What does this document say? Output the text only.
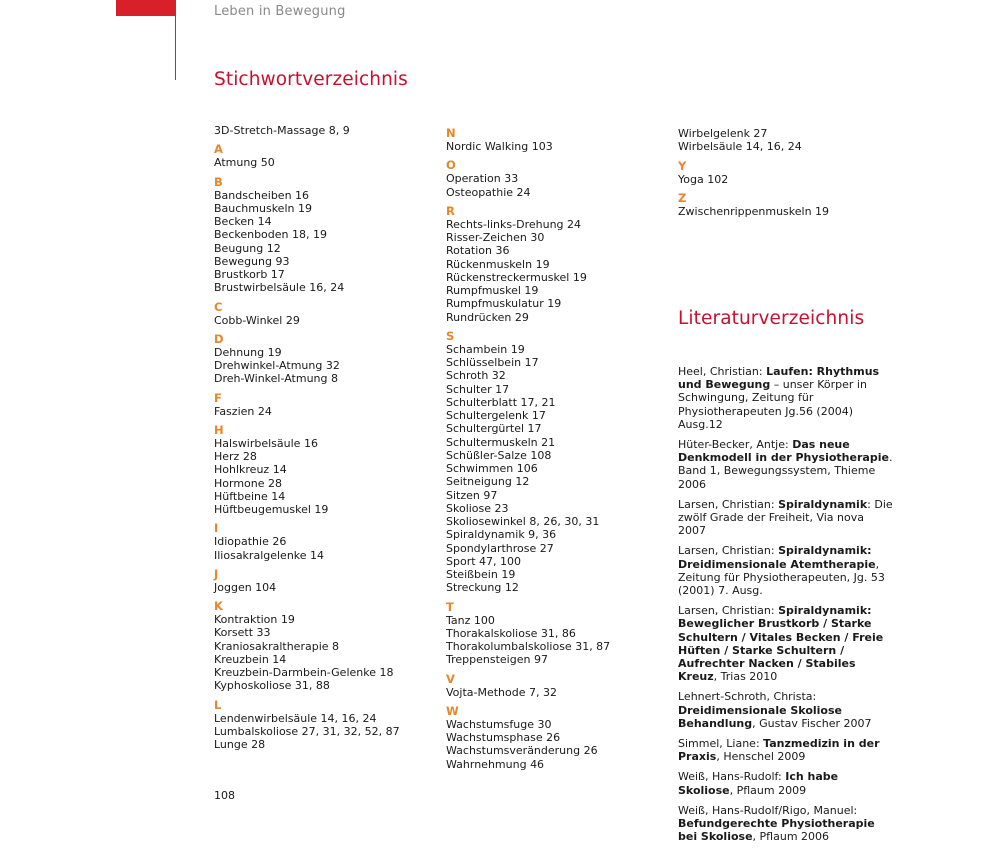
Leben in Bewegung
Stichwortverzeichnis
3D-Stretch-Massage 8, 9
A
Atmung 50
B
Bandscheiben 16
Bauchmuskeln 19
Becken 14
Beckenboden 18, 19
Beugung 12
Bewegung 93
Brustkorb 17
Brustwirbelsäule 16, 24
C
Cobb-Winkel 29
D
Dehnung 19
Drehwinkel-Atmung 32
Dreh-Winkel-Atmung 8
F
Faszien 24
H
Halswirbelsäule 16
Herz 28
Hohlkreuz 14
Hormone 28
Hüftbeine 14
Hüftbeugemuskel 19
I
Idiopathie 26
Iliosakralgelenke 14
J
Joggen 104
K
Kontraktion 19
Korsett 33
Kraniosakraltherapie 8
Kreuzbein 14
Kreuzbein-Darmbein-Gelenke 18
Kyphoskoliose 31, 88
L
Lendenwirbelsäule 14, 16, 24
Lumbalskoliose 27, 31, 32, 52, 87
Lunge 28
N
Nordic Walking 103
O
Operation 33
Osteopathie 24
R
Rechts-links-Drehung 24
Risser-Zeichen 30
Rotation 36
Rückenmuskeln 19
Rückenstreckermuskel 19
Rumpfmuskel 19
Rumpfmuskulatur 19
Rundrücken 29
S
Schambein 19
Schlüsselbein 17
Schroth 32
Schulter 17
Schulterblatt 17, 21
Schultergelenk 17
Schultergürtel 17
Schultermuskeln 21
Schüßler-Salze 108
Schwimmen 106
Seitneigung 12
Sitzen 97
Skoliose 23
Skoliosewinkel 8, 26, 30, 31
Spiraldynamik 9, 36
Spondylarthrose 27
Sport 47, 100
Steißbein 19
Streckung 12
T
Tanz 100
Thorakalskoliose 31, 86
Thorakolumbalskoliose 31, 87
Treppensteigen 97
V
Vojta-Methode 7, 32
W
Wachstumsfuge 30
Wachstumsphase 26
Wachstumsveränderung 26
Wahrnehmung 46
Wirbelgelenk 27
Wirbelsäule 14, 16, 24
Y
Yoga 102
Z
Zwischenrippenmuskeln 19
Literaturverzeichnis
Heel, Christian: Laufen: Rhythmus und Bewegung – unser Körper in Schwingung, Zeitung für Physiotherapeuten Jg.56 (2004) Ausg.12
Hüter-Becker, Antje: Das neue Denkmodell in der Physiotherapie. Band 1, Bewegungssystem, Thieme 2006
Larsen, Christian: Spiraldynamik: Die zwölf Grade der Freiheit, Via nova 2007
Larsen, Christian: Spiraldynamik: Dreidimensionale Atemtherapie, Zeitung für Physiotherapeuten, Jg. 53 (2001) 7. Ausg.
Larsen, Christian: Spiraldynamik: Beweglicher Brustkorb / Starke Schultern / Vitales Becken / Freie Hüften / Starke Schultern / Aufrechter Nacken / Stabiles Kreuz, Trias 2010
Lehnert-Schroth, Christa: Dreidimensionale Skoliose Behandlung, Gustav Fischer 2007
Simmel, Liane: Tanzmedizin in der Praxis, Henschel 2009
Weiß, Hans-Rudolf: Ich habe Skoliose, Pflaum 2009
Weiß, Hans-Rudolf/Rigo, Manuel: Befundgerechte Physiotherapie bei Skoliose, Pflaum 2006
108
